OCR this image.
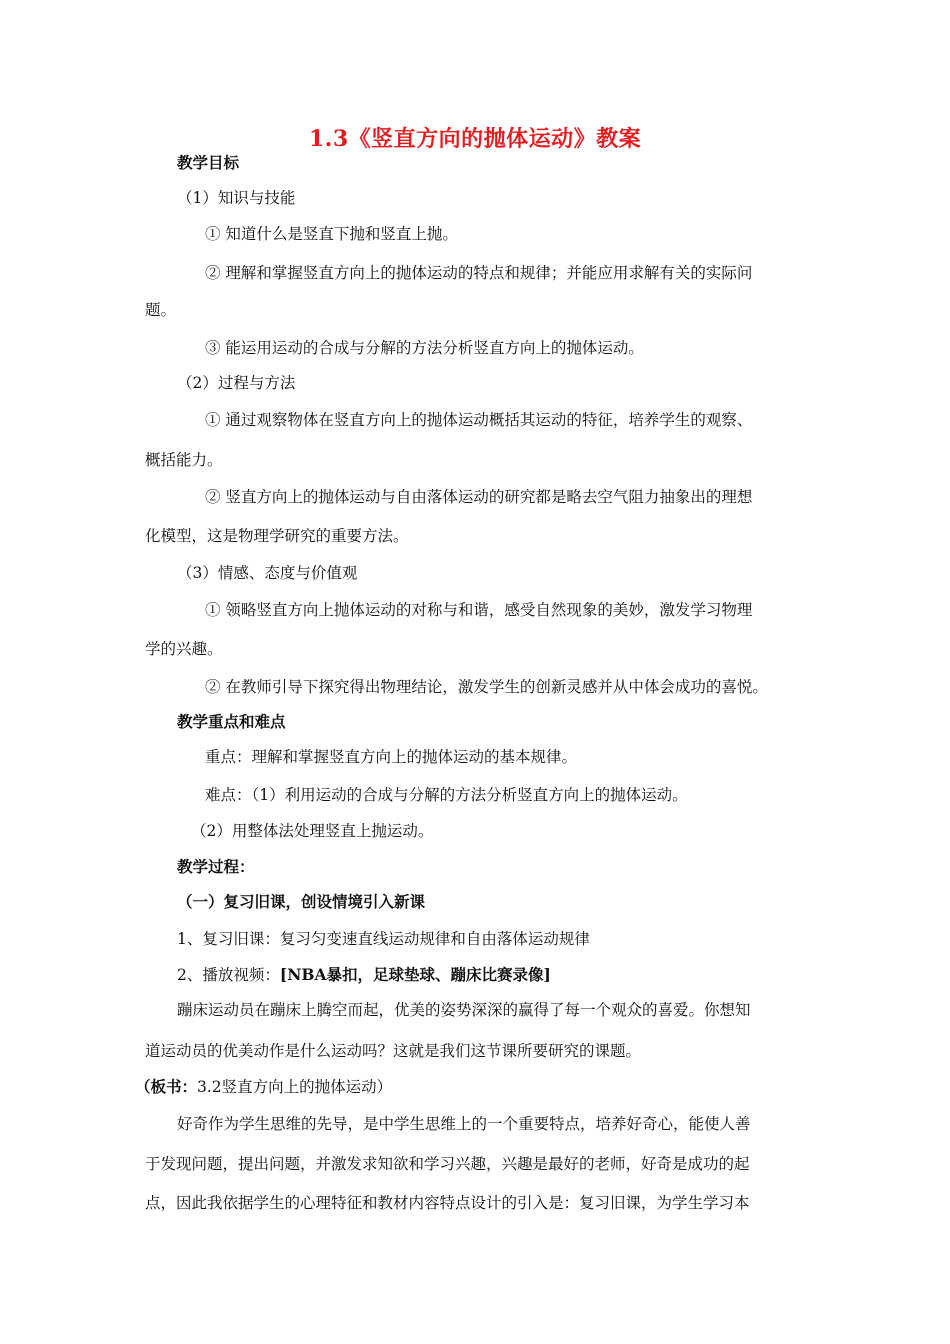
1.3《竖直方向的抛体运动》教案
教学目标
（1）知识与技能
① 知道什么是竖直下抛和竖直上抛。
② 理解和掌握竖直方向上的抛体运动的特点和规律；并能应用求解有关的实际问
题。
③ 能运用运动的合成与分解的方法分析竖直方向上的抛体运动。
（2）过程与方法
① 通过观察物体在竖直方向上的抛体运动概括其运动的特征，培养学生的观察、
概括能力。
② 竖直方向上的抛体运动与自由落体运动的研究都是略去空气阻力抽象出的理想
化模型，这是物理学研究的重要方法。
（3）情感、态度与价值观
① 领略竖直方向上抛体运动的对称与和谐，感受自然现象的美妙，激发学习物理
学的兴趣。
② 在教师引导下探究得出物理结论，激发学生的创新灵感并从中体会成功的喜悦。
教学重点和难点
重点：理解和掌握竖直方向上的抛体运动的基本规律。
难点：（1）利用运动的合成与分解的方法分析竖直方向上的抛体运动。
（2）用整体法处理竖直上抛运动。
教学过程：
（一）复习旧课，创设情境引入新课
1、复习旧课：复习匀变速直线运动规律和自由落体运动规律
2、播放视频：[NBA暴扣，足球垫球、蹦床比赛录像]
蹦床运动员在蹦床上腾空而起，优美的姿势深深的赢得了每一个观众的喜爱。你想知
道运动员的优美动作是什么运动吗？这就是我们这节课所要研究的课题。
（板书：3.2竖直方向上的抛体运动）
好奇作为学生思维的先导，是中学生思维上的一个重要特点，培养好奇心，能使人善
于发现问题，提出问题，并激发求知欲和学习兴趣，兴趣是最好的老师，好奇是成功的起
点，因此我依据学生的心理特征和教材内容特点设计的引入是：复习旧课，为学生学习本
